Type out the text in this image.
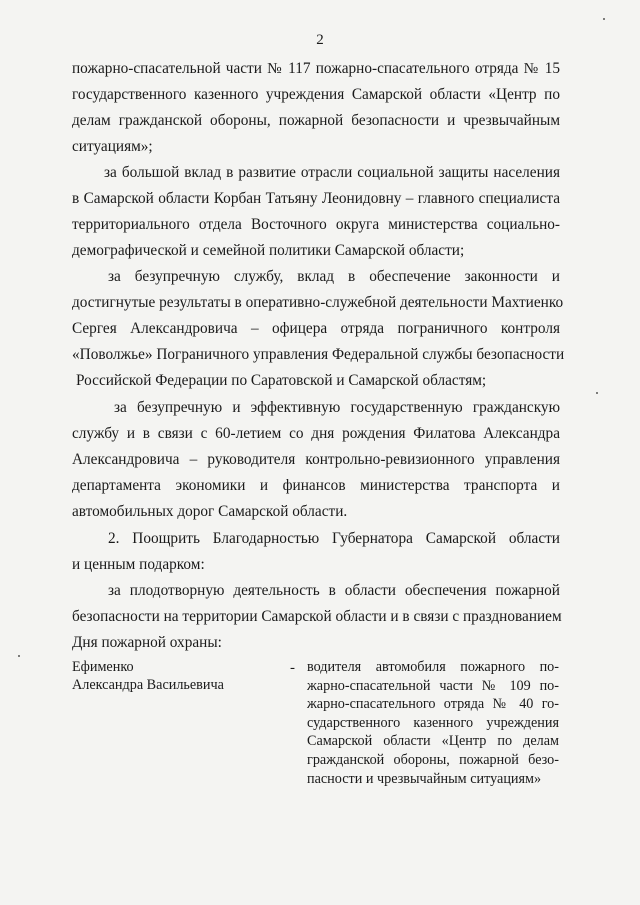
2
пожарно-спасательной части № 117 пожарно-спасательного отряда № 15
государственного казенного учреждения Самарской области «Центр по
делам гражданской обороны, пожарной безопасности и чрезвычайным
ситуациям»;
за большой вклад в развитие отрасли социальной защиты населения
в Самарской области Корбан Татьяну Леонидовну – главного специалиста
территориального отдела Восточного округа министерства социально-
демографической и семейной политики Самарской области;
за безупречную службу, вклад в обеспечение законности и
достигнутые результаты в оперативно-служебной деятельности Махтиенко
Сергея Александровича – офицера отряда пограничного контроля
«Поволжье» Пограничного управления Федеральной службы безопасности
Российской Федерации по Саратовской и Самарской областям;
за безупречную и эффективную государственную гражданскую
службу и в связи с 60-летием со дня рождения Филатова Александра
Александровича – руководителя контрольно-ревизионного управления
департамента экономики и финансов министерства транспорта и
автомобильных дорог Самарской области.
2. Поощрить Благодарностью Губернатора Самарской области
и ценным подарком:
за плодотворную деятельность в области обеспечения пожарной
безопасности на территории Самарской области и в связи с празднованием
Дня пожарной охраны:
Ефименко
Александра Васильевича
- водителя автомобиля пожарного по-
жарно-спасательной части № 109 по-
жарно-спасательного отряда № 40 го-
сударственного казенного учреждения
Самарской области «Центр по делам
гражданской обороны, пожарной безо-
пасности и чрезвычайным ситуациям»
